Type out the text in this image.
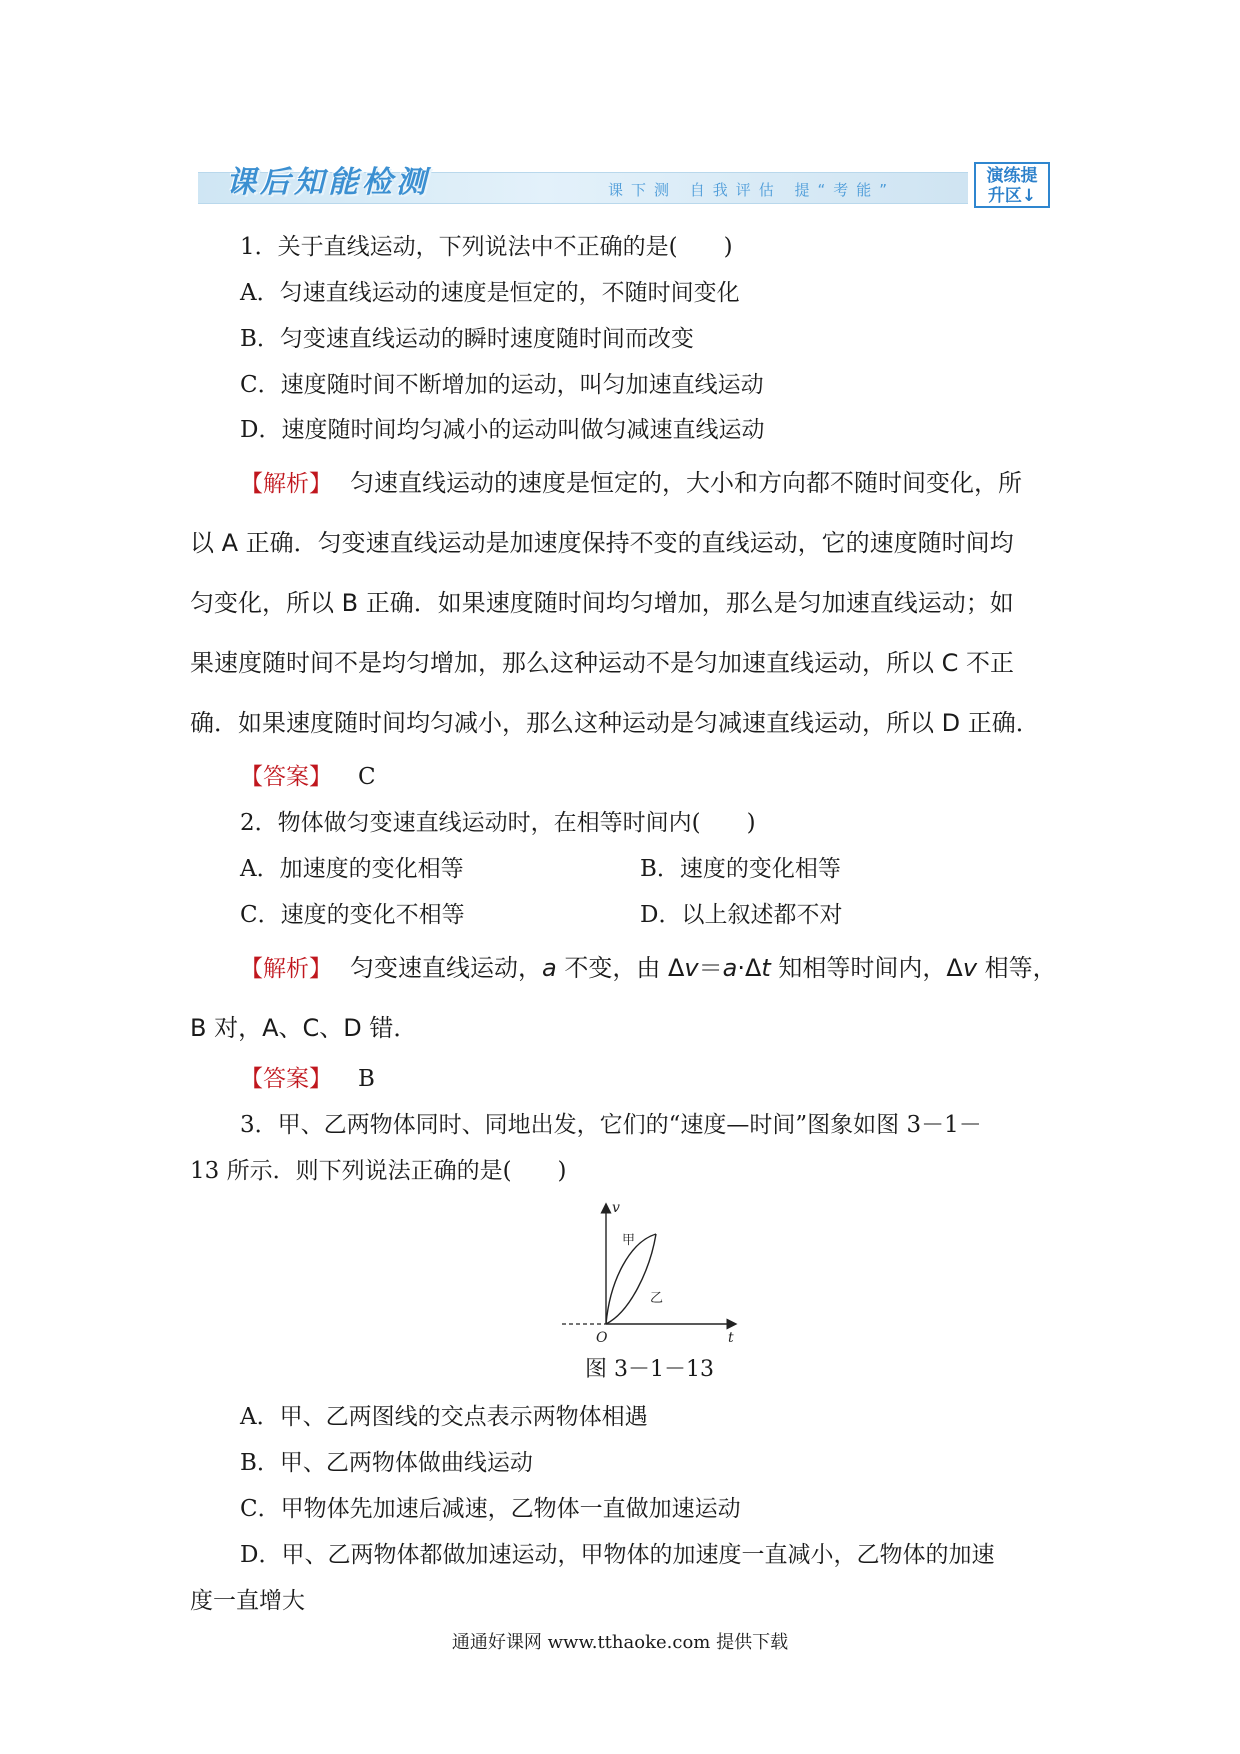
课后知能检测	课下测 自我评估 提“考能”
演练提
升区↓
1．关于直线运动，下列说法中不正确的是(　　)
A．匀速直线运动的速度是恒定的，不随时间变化
B．匀变速直线运动的瞬时速度随时间而改变
C．速度随时间不断增加的运动，叫匀加速直线运动
D．速度随时间均匀减小的运动叫做匀减速直线运动
【解析】 匀速直线运动的速度是恒定的，大小和方向都不随时间变化，所
以 A 正确．匀变速直线运动是加速度保持不变的直线运动，它的速度随时间均
匀变化，所以 B 正确．如果速度随时间均匀增加，那么是匀加速直线运动；如
果速度随时间不是均匀增加，那么这种运动不是匀加速直线运动，所以 C 不正
确．如果速度随时间均匀减小，那么这种运动是匀减速直线运动，所以 D 正确．
【答案】 C
2．物体做匀变速直线运动时，在相等时间内(　　)
A．加速度的变化相等	B．速度的变化相等
C．速度的变化不相等	D．以上叙述都不对
【解析】 匀变速直线运动，a 不变，由 Δv＝a·Δt 知相等时间内，Δv 相等，
B 对，A、C、D 错．
【答案】 B
3．甲、乙两物体同时、同地出发，它们的“速度—时间”图象如图 3－1－
13 所示．则下列说法正确的是(　　)
v
t
O
甲
乙
图 3－1－13
A．甲、乙两图线的交点表示两物体相遇
B．甲、乙两物体做曲线运动
C．甲物体先加速后减速，乙物体一直做加速运动
D．甲、乙两物体都做加速运动，甲物体的加速度一直减小，乙物体的加速
度一直增大
通通好课网 www.tthaoke.com 提供下载
